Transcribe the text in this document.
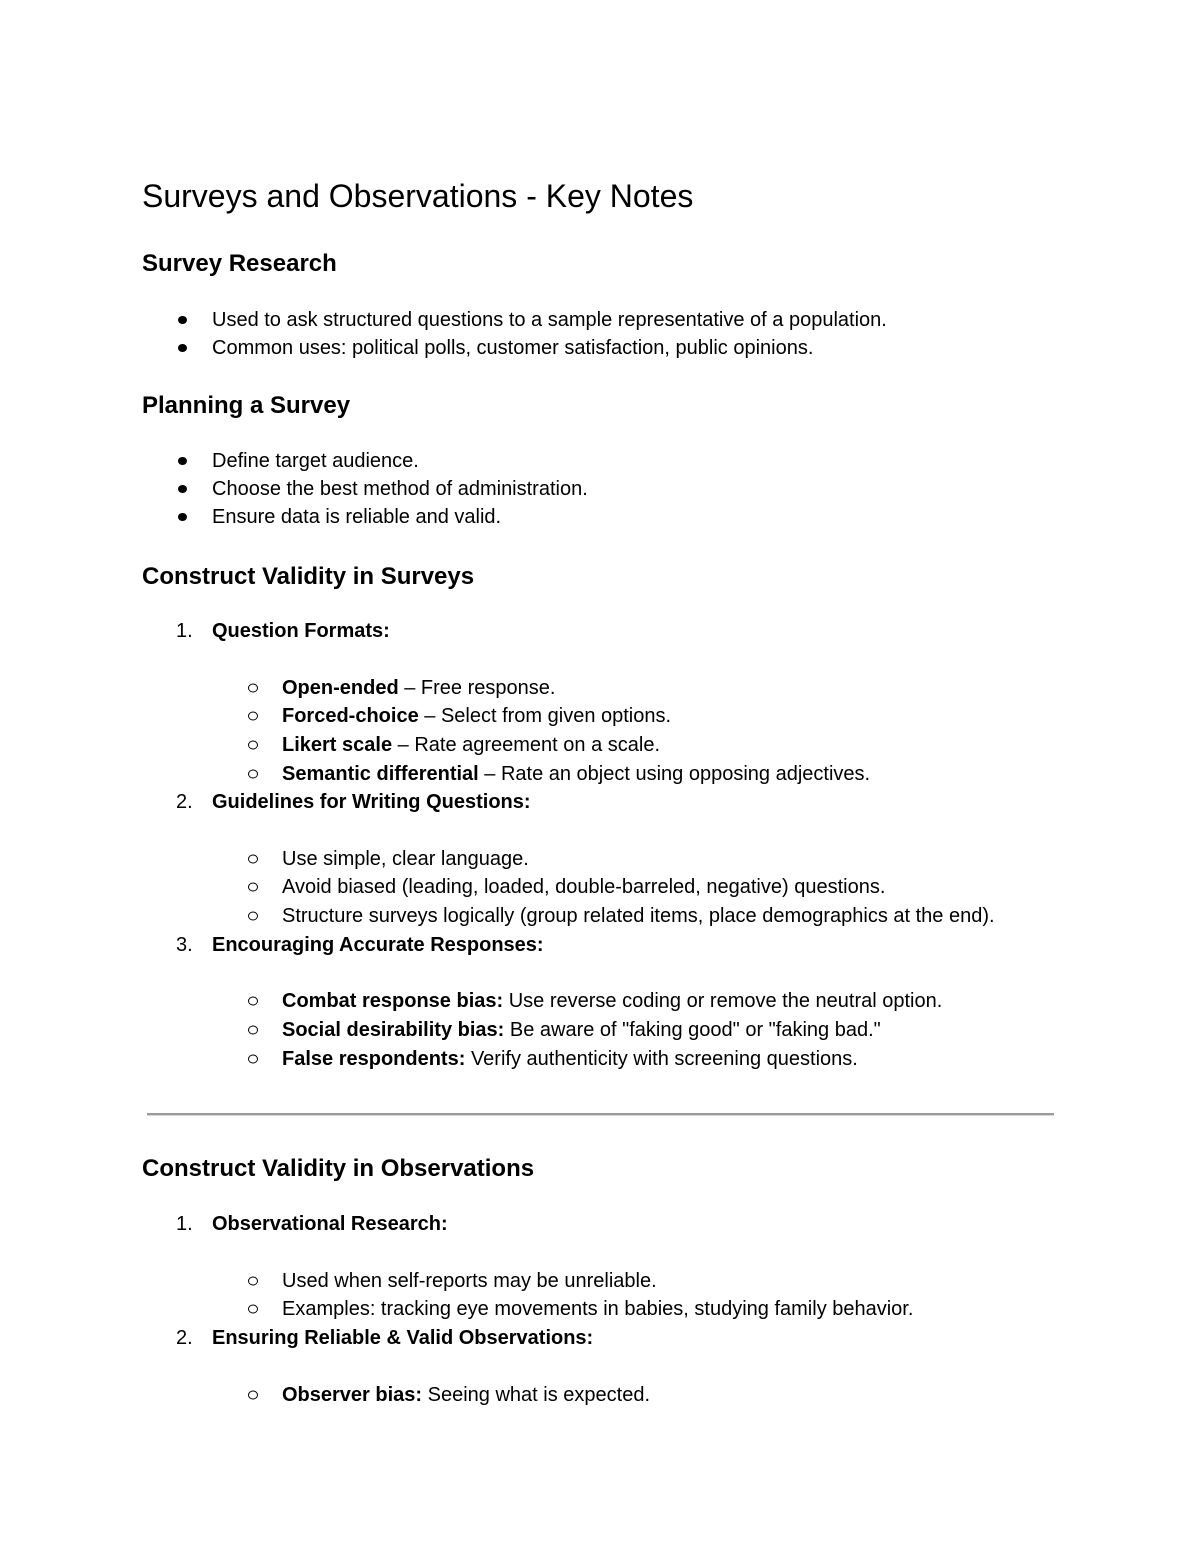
Surveys and Observations - Key Notes
Survey Research
Used to ask structured questions to a sample representative of a population.
Common uses: political polls, customer satisfaction, public opinions.
Planning a Survey
Define target audience.
Choose the best method of administration.
Ensure data is reliable and valid.
Construct Validity in Surveys
1. Question Formats:
Open-ended – Free response.
Forced-choice – Select from given options.
Likert scale – Rate agreement on a scale.
Semantic differential – Rate an object using opposing adjectives.
2. Guidelines for Writing Questions:
Use simple, clear language.
Avoid biased (leading, loaded, double-barreled, negative) questions.
Structure surveys logically (group related items, place demographics at the end).
3. Encouraging Accurate Responses:
Combat response bias: Use reverse coding or remove the neutral option.
Social desirability bias: Be aware of "faking good" or "faking bad."
False respondents: Verify authenticity with screening questions.
Construct Validity in Observations
1. Observational Research:
Used when self-reports may be unreliable.
Examples: tracking eye movements in babies, studying family behavior.
2. Ensuring Reliable & Valid Observations:
Observer bias: Seeing what is expected.
